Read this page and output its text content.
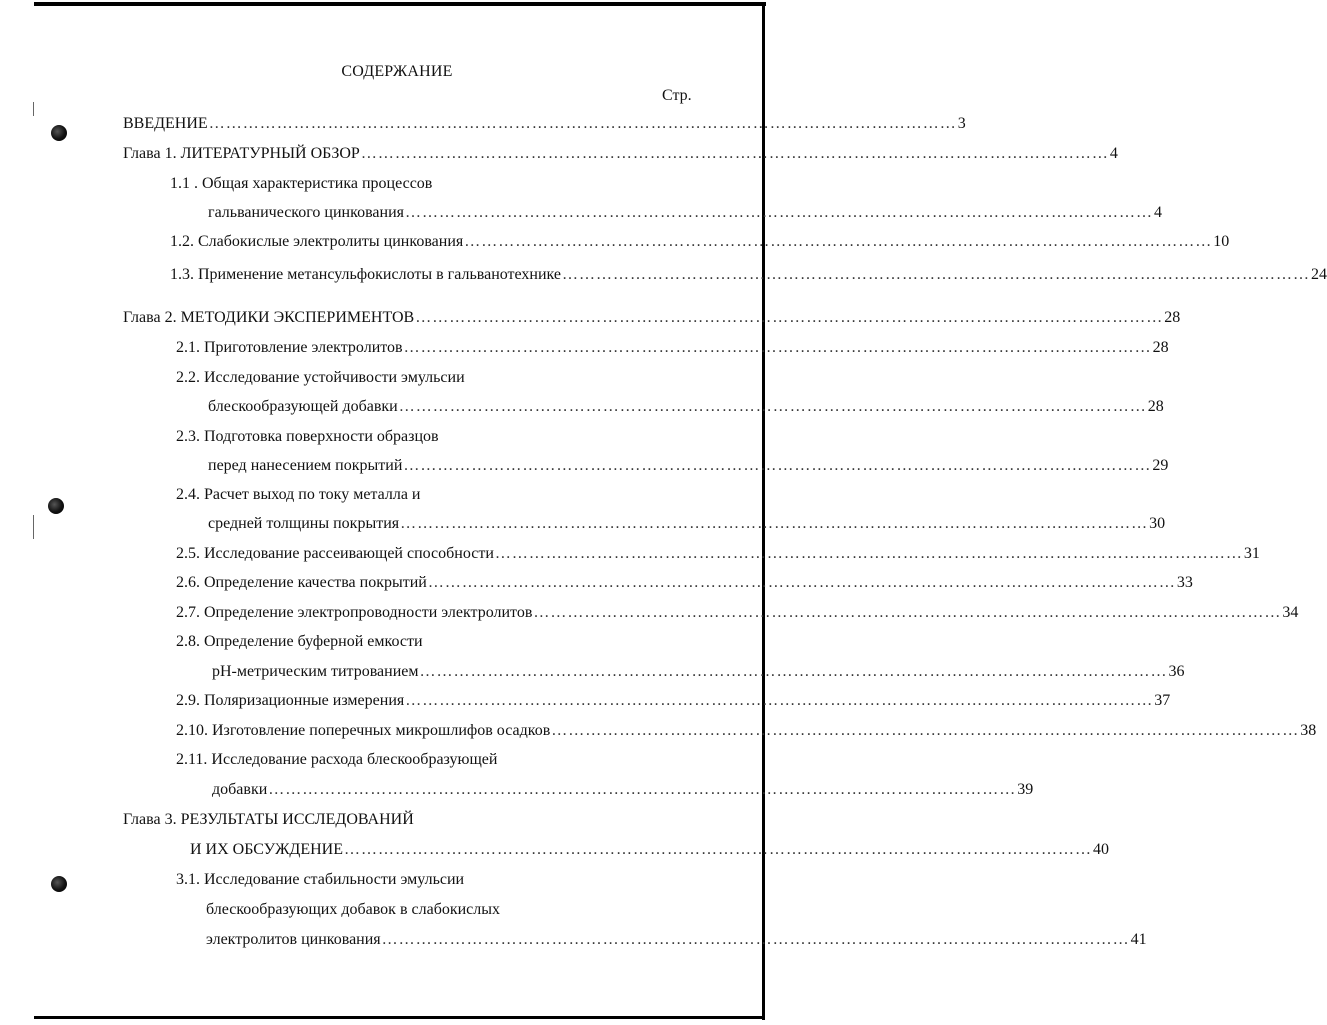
СОДЕРЖАНИЕ
Стр.
ВВЕДЕНИЕ …………………………………………………………………………………………………………………… 3
Глава 1. ЛИТЕРАТУРНЫЙ ОБЗОР …………………………………………………………………………………………………………………… 4
1.1 . Общая характеристика процессов
гальванического цинкования …………………………………………………………………………………………………………………… 4
1.2. Слабокислые электролиты цинкования …………………………………………………………………………………………………………………… 10
1.3. Применение метансульфокислоты в гальванотехнике …………………………………………………………………………………………………………………… 24
Глава 2. МЕТОДИКИ ЭКСПЕРИМЕНТОВ …………………………………………………………………………………………………………………… 28
2.1. Приготовление электролитов …………………………………………………………………………………………………………………… 28
2.2. Исследование устойчивости эмульсии
блескообразующей добавки …………………………………………………………………………………………………………………… 28
2.3. Подготовка поверхности образцов
перед нанесением покрытий …………………………………………………………………………………………………………………… 29
2.4. Расчет выход по току металла и
средней толщины покрытия …………………………………………………………………………………………………………………… 30
2.5. Исследование рассеивающей способности …………………………………………………………………………………………………………………… 31
2.6. Определение качества покрытий …………………………………………………………………………………………………………………… 33
2.7. Определение электропроводности электролитов …………………………………………………………………………………………………………………… 34
2.8. Определение буферной емкости
pH-метрическим титрованием …………………………………………………………………………………………………………………… 36
2.9. Поляризационные измерения …………………………………………………………………………………………………………………… 37
2.10. Изготовление поперечных микрошлифов осадков …………………………………………………………………………………………………………………… 38
2.11. Исследование расхода блескообразующей
добавки …………………………………………………………………………………………………………………… 39
Глава 3. РЕЗУЛЬТАТЫ ИССЛЕДОВАНИЙ
И ИХ ОБСУЖДЕНИЕ …………………………………………………………………………………………………………………… 40
3.1. Исследование стабильности эмульсии
блескообразующих добавок в слабокислых
электролитов цинкования …………………………………………………………………………………………………………………… 41
